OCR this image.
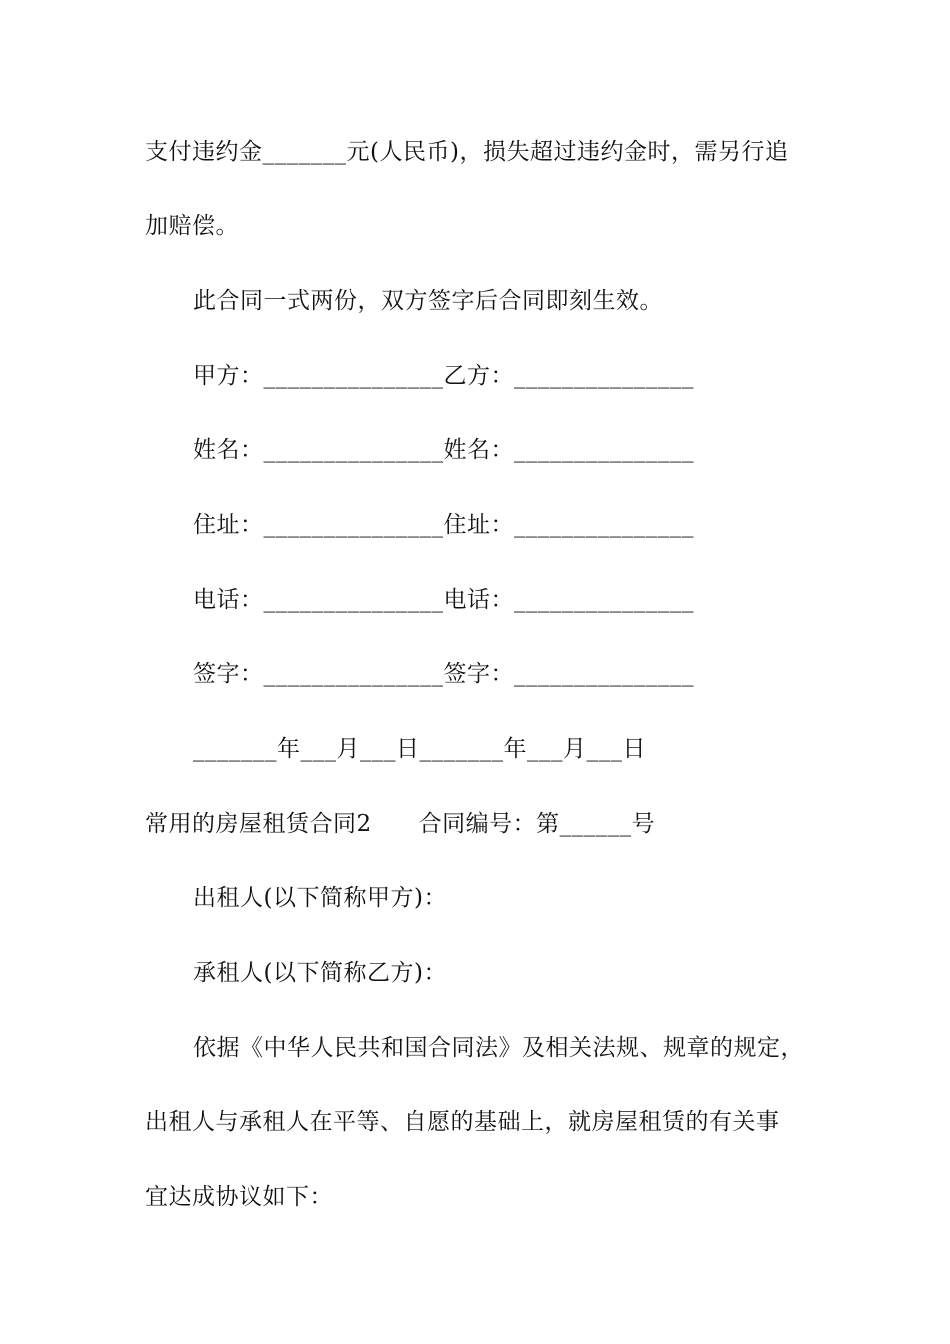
支付违约金_______元(人民币)，损失超过违约金时，需另行追
加赔偿。
此合同一式两份，双方签字后合同即刻生效。
甲方：_______________乙方：_______________
姓名：_______________姓名：_______________
住址：_______________住址：_______________
电话：_______________电话：_______________
签字：_______________签字：_______________
_______年___月___日_______年___月___日
常用的房屋租赁合同2　　合同编号：第______号
出租人(以下简称甲方)：
承租人(以下简称乙方)：
依据《中华人民共和国合同法》及相关法规、规章的规定，
出租人与承租人在平等、自愿的基础上，就房屋租赁的有关事
宜达成协议如下：
